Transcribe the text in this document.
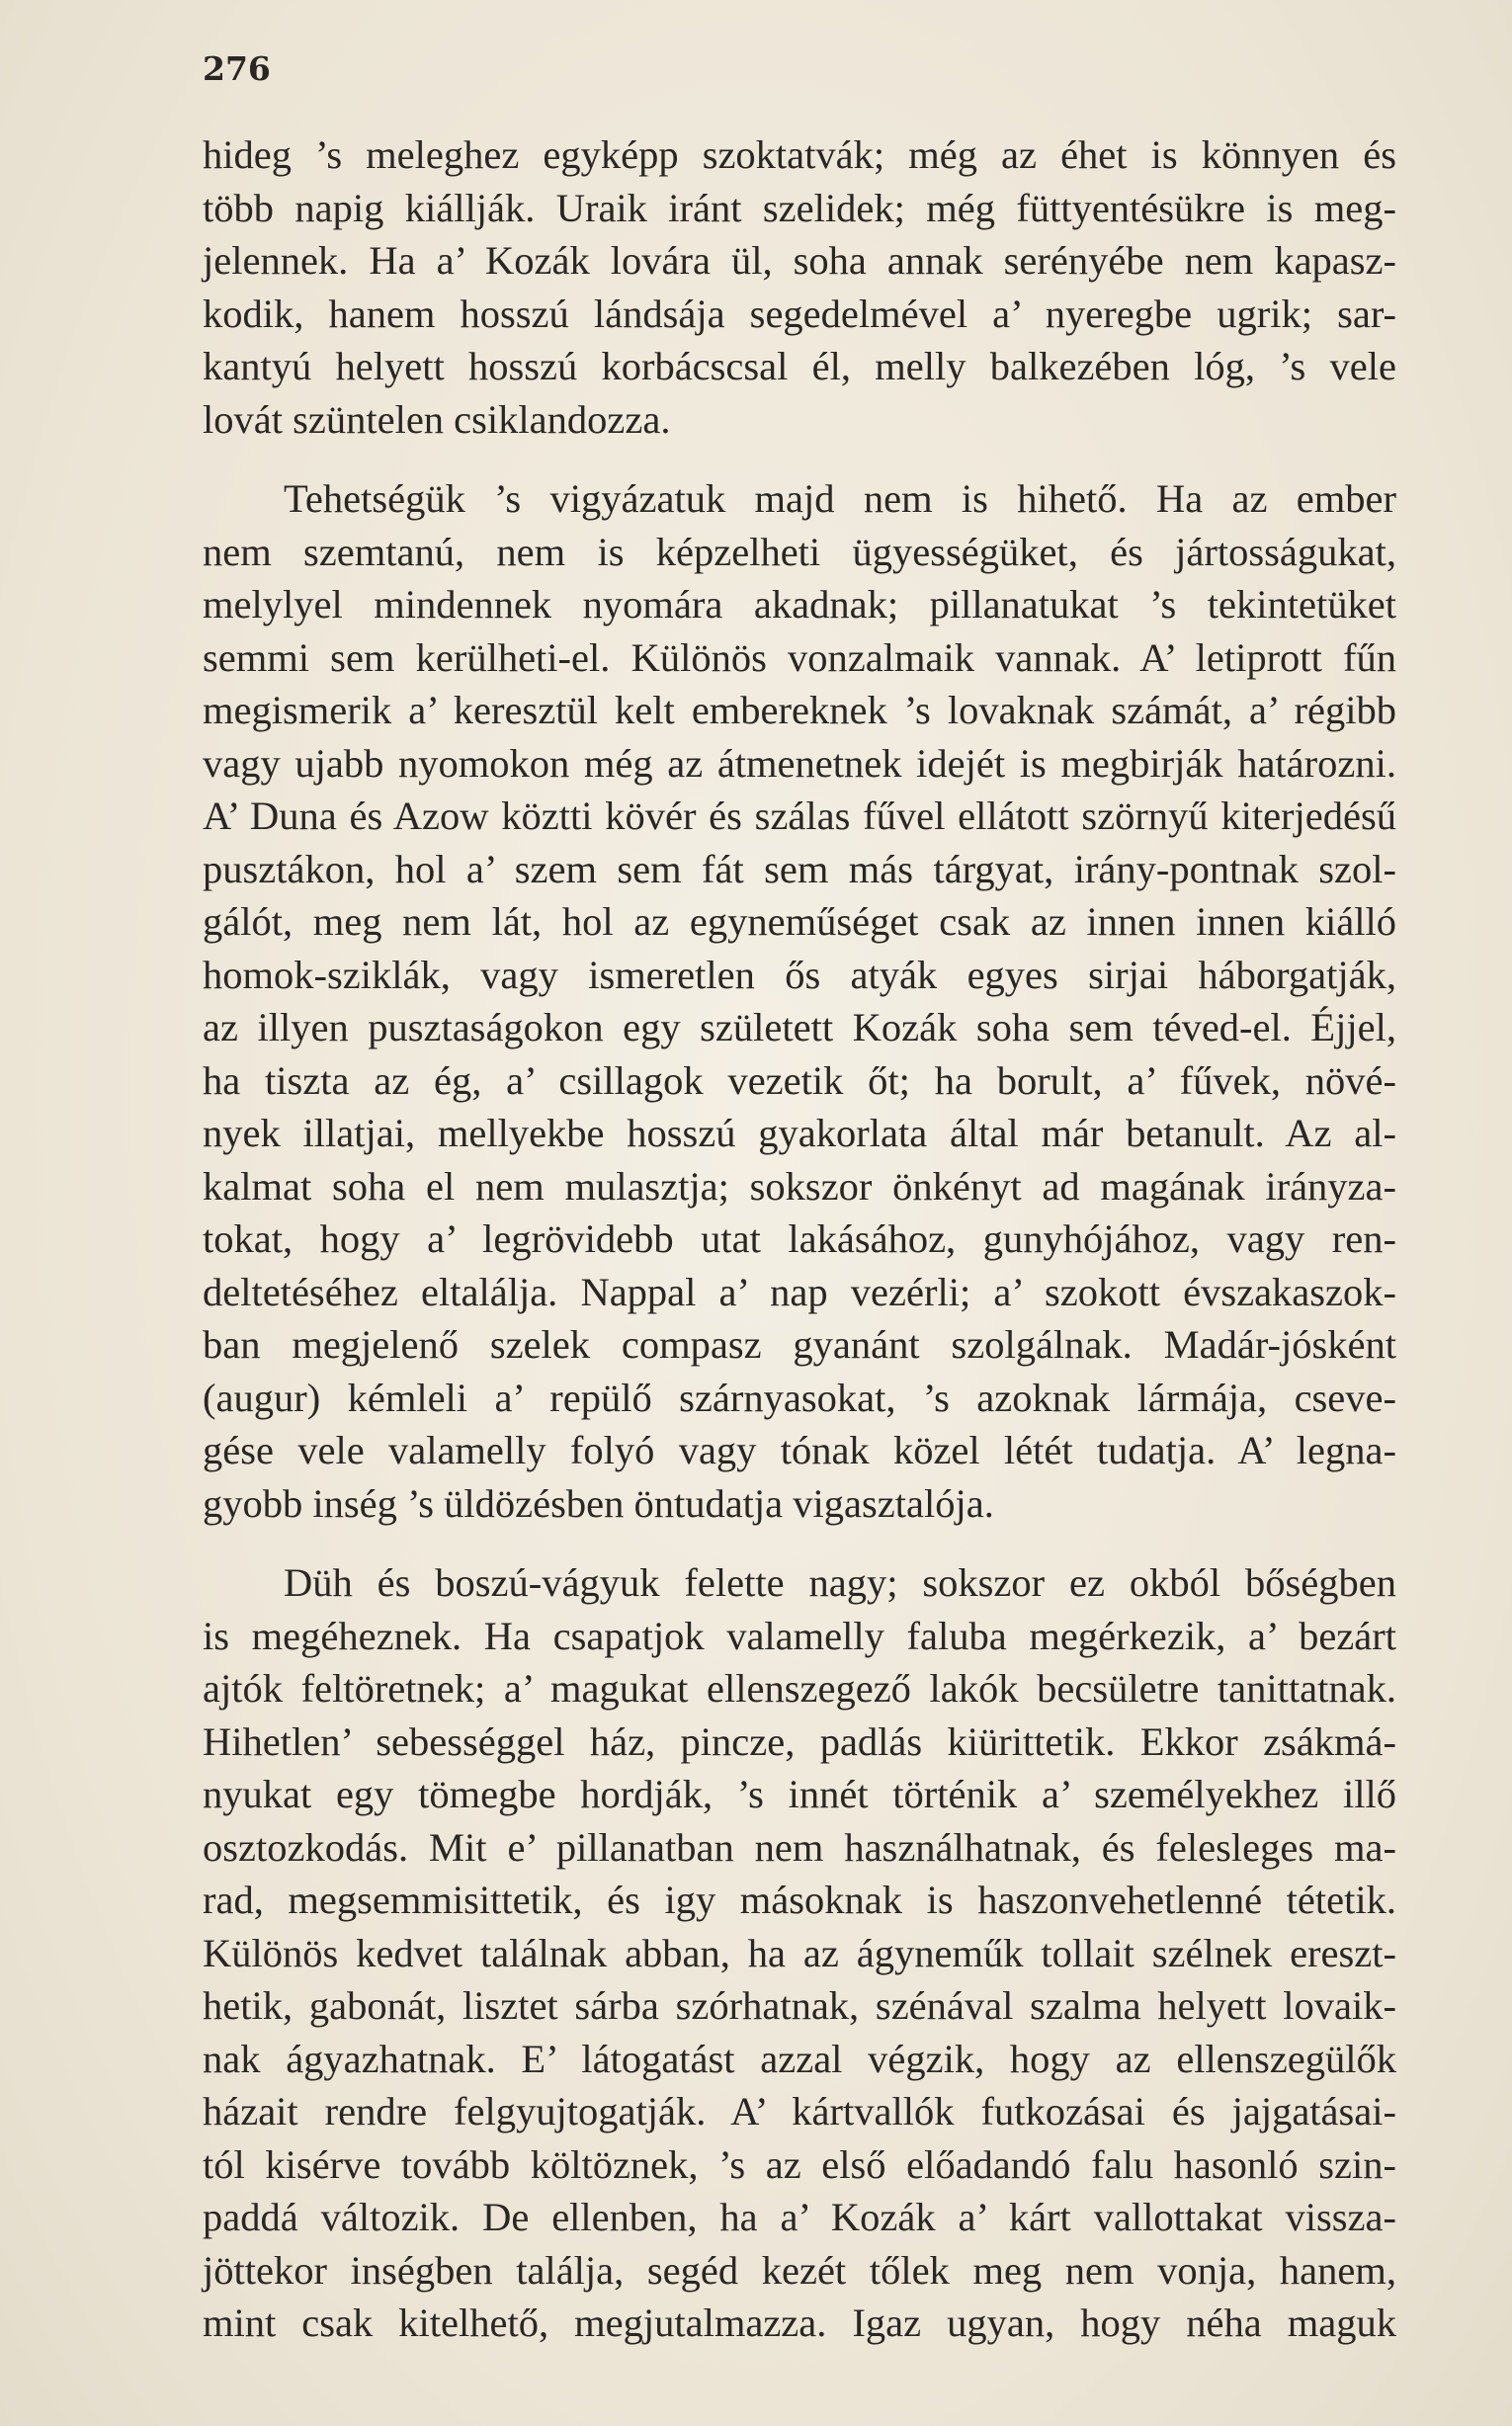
276
hideg ’s meleghez egyképp szoktatvák; még az éhet is könnyen és
több napig kiállják. Uraik iránt szelidek; még füttyentésükre is meg-
jelennek. Ha a’ Kozák lovára ül, soha annak serényébe nem kapasz-
kodik, hanem hosszú lándsája segedelmével a’ nyeregbe ugrik; sar-
kantyú helyett hosszú korbácscsal él, melly balkezében lóg, ’s vele
lovát szüntelen csiklandozza.
Tehetségük ’s vigyázatuk majd nem is hihető. Ha az ember
nem szemtanú, nem is képzelheti ügyességüket, és jártosságukat,
melylyel mindennek nyomára akadnak; pillanatukat ’s tekintetüket
semmi sem kerülheti-el. Különös vonzalmaik vannak. A’ letiprott fűn
megismerik a’ keresztül kelt embereknek ’s lovaknak számát, a’ régibb
vagy ujabb nyomokon még az átmenetnek idejét is megbirják határozni.
A’ Duna és Azow köztti kövér és szálas fűvel ellátott szörnyű kiterjedésű
pusztákon, hol a’ szem sem fát sem más tárgyat, irány-pontnak szol-
gálót, meg nem lát, hol az egyneműséget csak az innen innen kiálló
homok-sziklák, vagy ismeretlen ős atyák egyes sirjai háborgatják,
az illyen pusztaságokon egy született Kozák soha sem téved-el. Éjjel,
ha tiszta az ég, a’ csillagok vezetik őt; ha borult, a’ fűvek, növé-
nyek illatjai, mellyekbe hosszú gyakorlata által már betanult. Az al-
kalmat soha el nem mulasztja; sokszor önkényt ad magának irányza-
tokat, hogy a’ legrövidebb utat lakásához, gunyhójához, vagy ren-
deltetéséhez eltalálja. Nappal a’ nap vezérli; a’ szokott évszakaszok-
ban megjelenő szelek compasz gyanánt szolgálnak. Madár-jósként
(augur) kémleli a’ repülő szárnyasokat, ’s azoknak lármája, cseve-
gése vele valamelly folyó vagy tónak közel létét tudatja. A’ legna-
gyobb inség ’s üldözésben öntudatja vigasztalója.
Düh és boszú-vágyuk felette nagy; sokszor ez okból bőségben
is megéheznek. Ha csapatjok valamelly faluba megérkezik, a’ bezárt
ajtók feltöretnek; a’ magukat ellenszegező lakók becsületre tanittatnak.
Hihetlen’ sebességgel ház, pincze, padlás kiürittetik. Ekkor zsákmá-
nyukat egy tömegbe hordják, ’s innét történik a’ személyekhez illő
osztozkodás. Mit e’ pillanatban nem használhatnak, és felesleges ma-
rad, megsemmisittetik, és igy másoknak is haszonvehetlenné tétetik.
Különös kedvet találnak abban, ha az ágyneműk tollait szélnek ereszt-
hetik, gabonát, lisztet sárba szórhatnak, szénával szalma helyett lovaik-
nak ágyazhatnak. E’ látogatást azzal végzik, hogy az ellenszegülők
házait rendre felgyujtogatják. A’ kártvallók futkozásai és jajgatásai-
tól kisérve tovább költöznek, ’s az első előadandó falu hasonló szin-
paddá változik. De ellenben, ha a’ Kozák a’ kárt vallottakat vissza-
jöttekor inségben találja, segéd kezét tőlek meg nem vonja, hanem,
mint csak kitelhető, megjutalmazza. Igaz ugyan, hogy néha maguk
